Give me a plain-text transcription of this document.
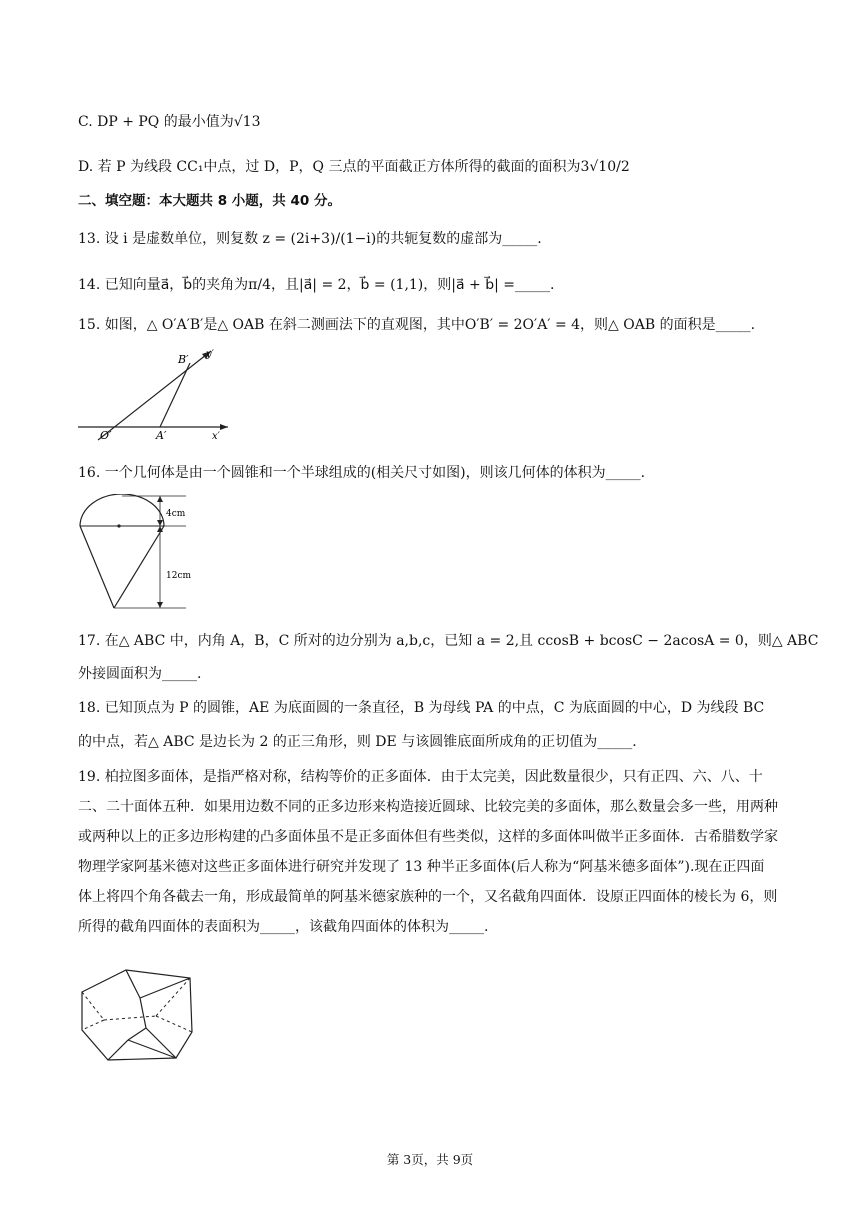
C. DP + PQ 的最小值为√13
D. 若 P 为线段 CC₁中点，过 D，P，Q 三点的平面截正方体所得的截面的面积为3√10/2
二、填空题：本大题共 8 小题，共 40 分。
13. 设 i 是虚数单位，则复数 z = (2i+3)/(1−i)的共轭复数的虚部为_____.
14. 已知向量a⃗，b⃗的夹角为π/4，且|a⃗| = 2，b⃗ = (1,1)，则|a⃗ + b⃗| =_____.
15. 如图，△ O′A′B′是△ OAB 在斜二测画法下的直观图，其中O′B′ = 2O′A′ = 4，则△ OAB 的面积是_____.
B′ y′
O′	A′	x′
16. 一个几何体是由一个圆锥和一个半球组成的(相关尺寸如图)，则该几何体的体积为_____.
4cm
12cm
17. 在△ ABC 中，内角 A，B，C 所对的边分别为 a,b,c，已知 a = 2,且 ccosB + bcosC − 2acosA = 0，则△ ABC
外接圆面积为_____.
18. 已知顶点为 P 的圆锥，AE 为底面圆的一条直径，B 为母线 PA 的中点，C 为底面圆的中心，D 为线段 BC
的中点，若△ ABC 是边长为 2 的正三角形，则 DE 与该圆锥底面所成角的正切值为_____.
19. 柏拉图多面体，是指严格对称，结构等价的正多面体．由于太完美，因此数量很少，只有正四、六、八、十二、二十面体五种．如果用边数不同的正多边形来构造接近圆球、比较完美的多面体，那么数量会多一些，用两种或两种以上的正多边形构建的凸多面体虽不是正多面体但有些类似，这样的多面体叫做半正多面体．古希腊数学家物理学家阿基米德对这些正多面体进行研究并发现了 13 种半正多面体(后人称为“阿基米德多面体”).现在正四面体上将四个角各截去一角，形成最简单的阿基米德家族种的一个，又名截角四面体．设原正四面体的棱长为 6，则所得的截角四面体的表面积为_____，该截角四面体的体积为_____.
第 3页，共 9页
